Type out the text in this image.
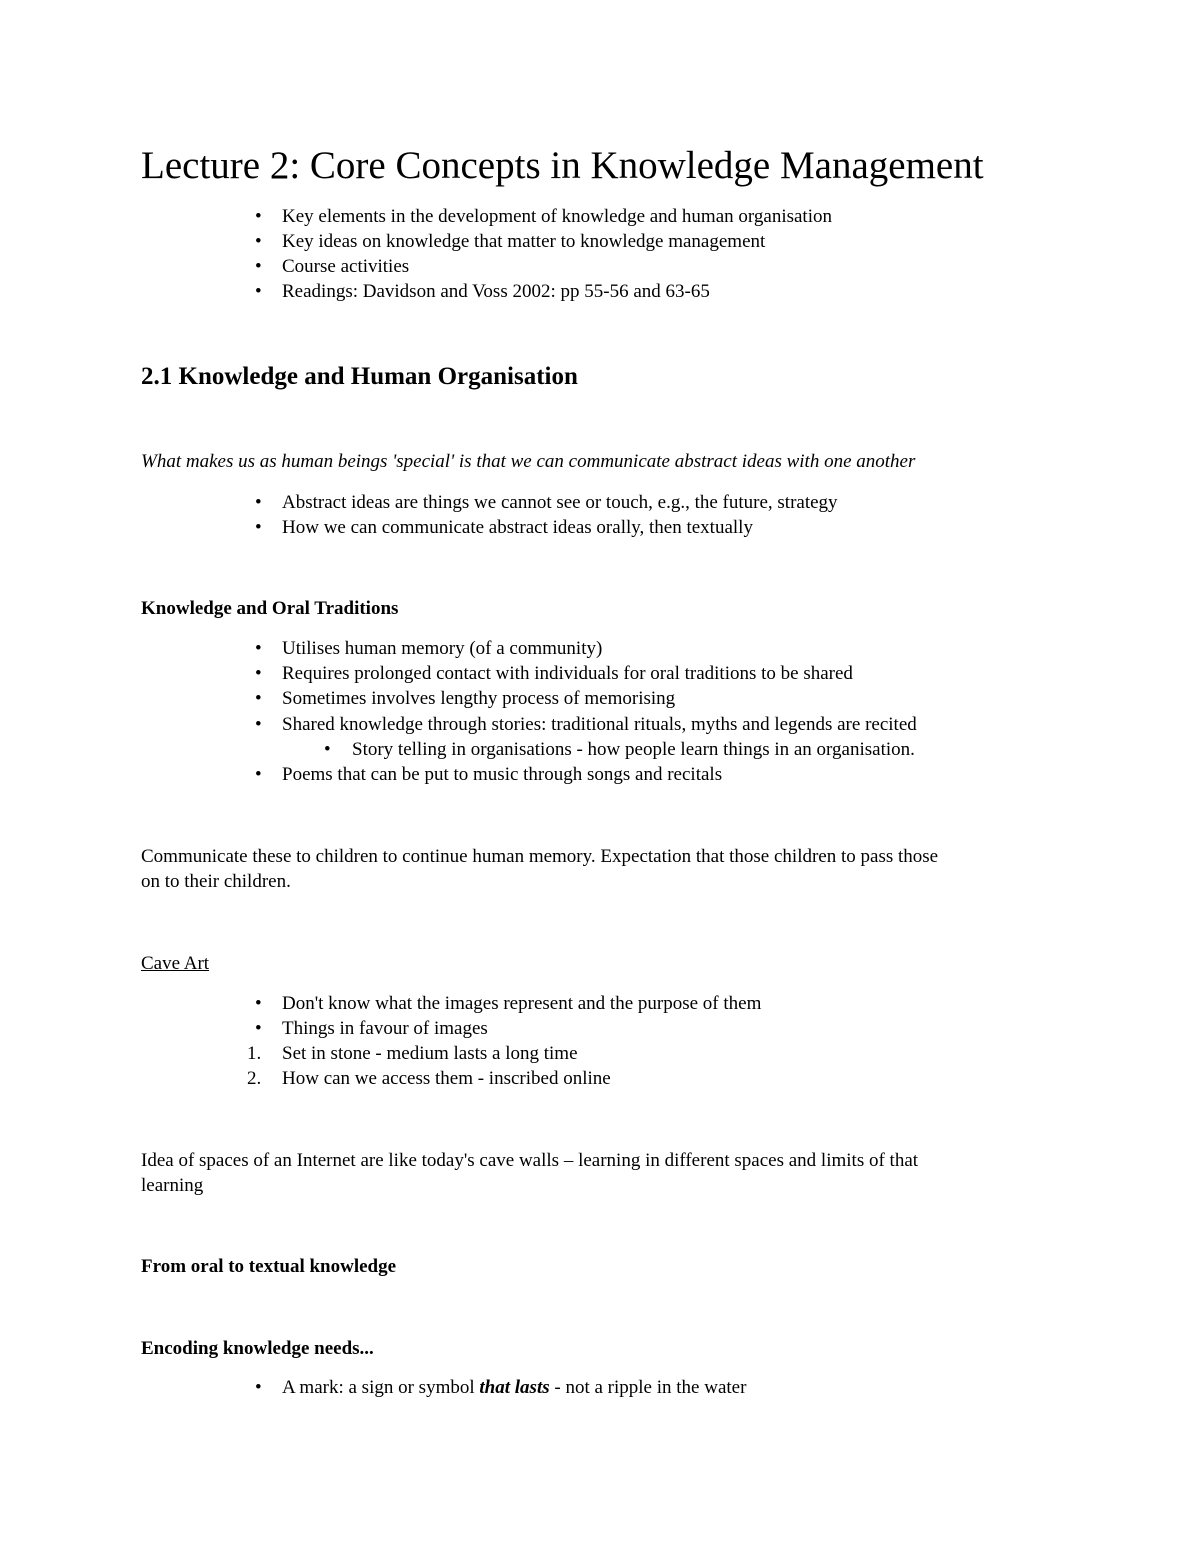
Lecture 2: Core Concepts in Knowledge Management
• Key elements in the development of knowledge and human organisation
• Key ideas on knowledge that matter to knowledge management
• Course activities
• Readings: Davidson and Voss 2002: pp 55-56 and 63-65
2.1 Knowledge and Human Organisation
What makes us as human beings 'special' is that we can communicate abstract ideas with one another
• Abstract ideas are things we cannot see or touch, e.g., the future, strategy
• How we can communicate abstract ideas orally, then textually
Knowledge and Oral Traditions
• Utilises human memory (of a community)
• Requires prolonged contact with individuals for oral traditions to be shared
• Sometimes involves lengthy process of memorising
• Shared knowledge through stories: traditional rituals, myths and legends are recited
• Story telling in organisations - how people learn things in an organisation.
• Poems that can be put to music through songs and recitals
Communicate these to children to continue human memory. Expectation that those children to pass those
on to their children.
Cave Art
• Don't know what the images represent and the purpose of them
• Things in favour of images
1. Set in stone - medium lasts a long time
2. How can we access them - inscribed online
Idea of spaces of an Internet are like today's cave walls – learning in different spaces and limits of that
learning
From oral to textual knowledge
Encoding knowledge needs...
• A mark: a sign or symbol that lasts - not a ripple in the water
